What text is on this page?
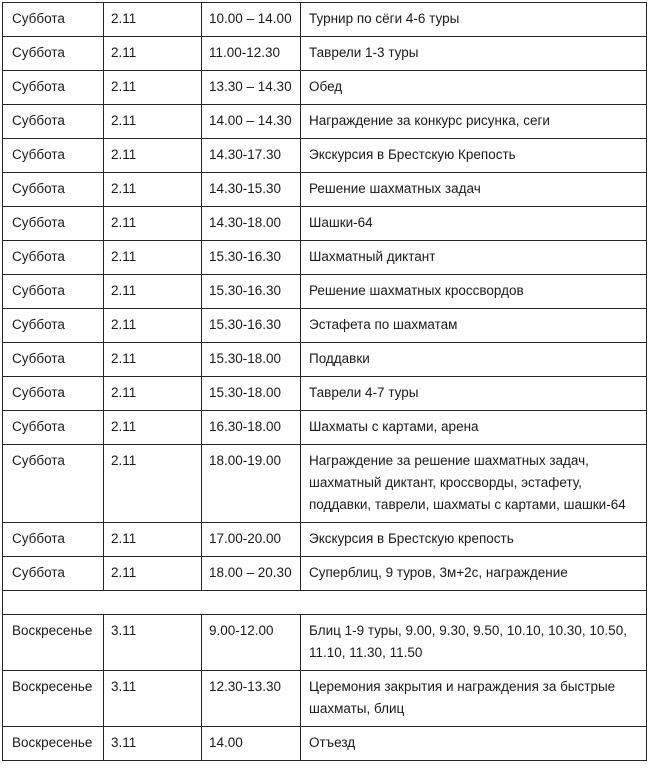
Суббота	2.11	10.00 – 14.00	Турнир по сёги 4-6 туры
Суббота	2.11	11.00-12.30	Таврели 1-3 туры
Суббота	2.11	13.30 – 14.30	Обед
Суббота	2.11	14.00 – 14.30	Награждение за конкурс рисунка, сеги
Суббота	2.11	14.30-17.30	Экскурсия в Брестскую Крепость
Суббота	2.11	14.30-15.30	Решение шахматных задач
Суббота	2.11	14.30-18.00	Шашки-64
Суббота	2.11	15.30-16.30	Шахматный диктант
Суббота	2.11	15.30-16.30	Решение шахматных кроссвордов
Суббота	2.11	15.30-16.30	Эстафета по шахматам
Суббота	2.11	15.30-18.00	Поддавки
Суббота	2.11	15.30-18.00	Таврели 4-7 туры
Суббота	2.11	16.30-18.00	Шахматы с картами, арена
Суббота	2.11	18.00-19.00	Награждение за решение шахматных задач, шахматный диктант, кроссворды, эстафету, поддавки, таврели, шахматы с картами, шашки-64
Суббота	2.11	17.00-20.00	Экскурсия в Брестскую крепость
Суббота	2.11	18.00 – 20.30	Суперблиц, 9 туров, 3м+2с, награждение

Воскресенье	3.11	9.00-12.00	Блиц 1-9 туры, 9.00, 9.30, 9.50, 10.10, 10.30, 10.50, 11.10, 11.30, 11.50
Воскресенье	3.11	12.30-13.30	Церемония закрытия и награждения за быстрые шахматы, блиц
Воскресенье	3.11	14.00	Отъезд
